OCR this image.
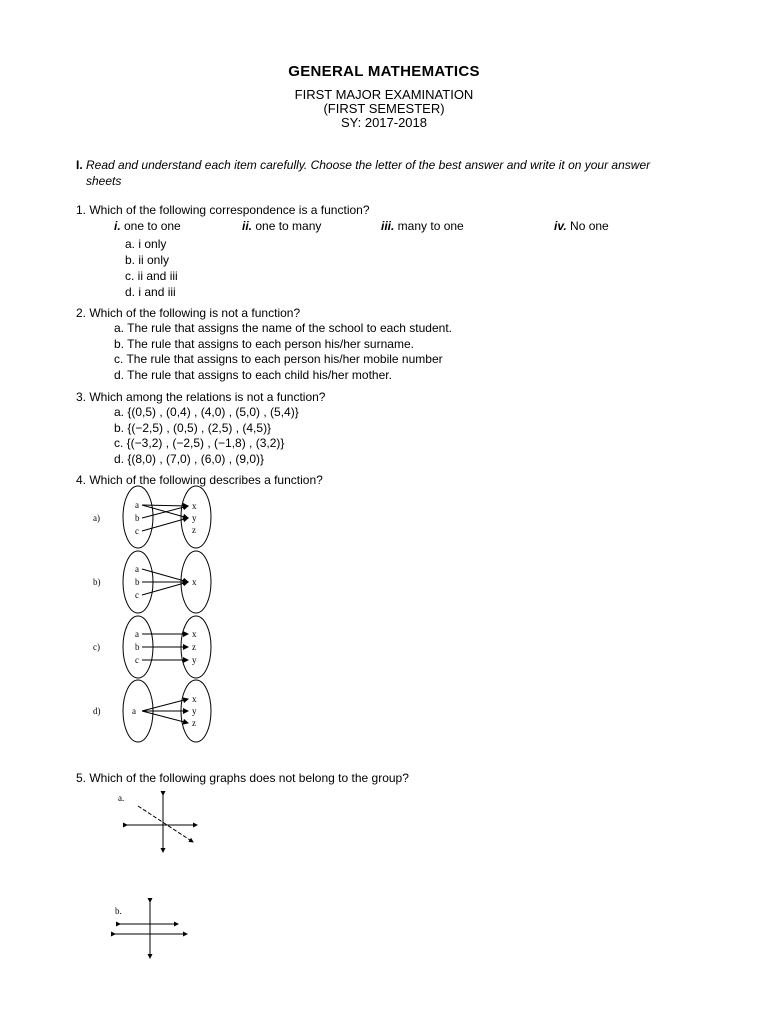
GENERAL MATHEMATICS
FIRST MAJOR EXAMINATION
(FIRST SEMESTER)
SY: 2017-2018
I. Read and understand each item carefully. Choose the letter of the best answer and write it on your answer
sheets
1. Which of the following correspondence is a function?
i. one to one	ii. one to many	iii. many to one	iv. No one
a. i only
b. ii only
c. ii and iii
d. i and iii
2. Which of the following is not a function?
a. The rule that assigns the name of the school to each student.
b. The rule that assigns to each person his/her surname.
c. The rule that assigns to each person his/her mobile number
d. The rule that assigns to each child his/her mother.
3. Which among the relations is not a function?
a. {(0,5) , (0,4) , (4,0) , (5,0) , (5,4)}
b. {(−2,5) , (0,5) , (2,5) , (4,5)}
c. {(−3,2) , (−2,5) , (−1,8) , (3,2)}
d. {(8,0) , (7,0) , (6,0) , (9,0)}
4. Which of the following describes a function?
a)
b)
c)
d)
a
b
c
x
y
z
a
b
c
x
a
b
c
x
z
y
a
x
y
z
5. Which of the following graphs does not belong to the group?
a.
b.
